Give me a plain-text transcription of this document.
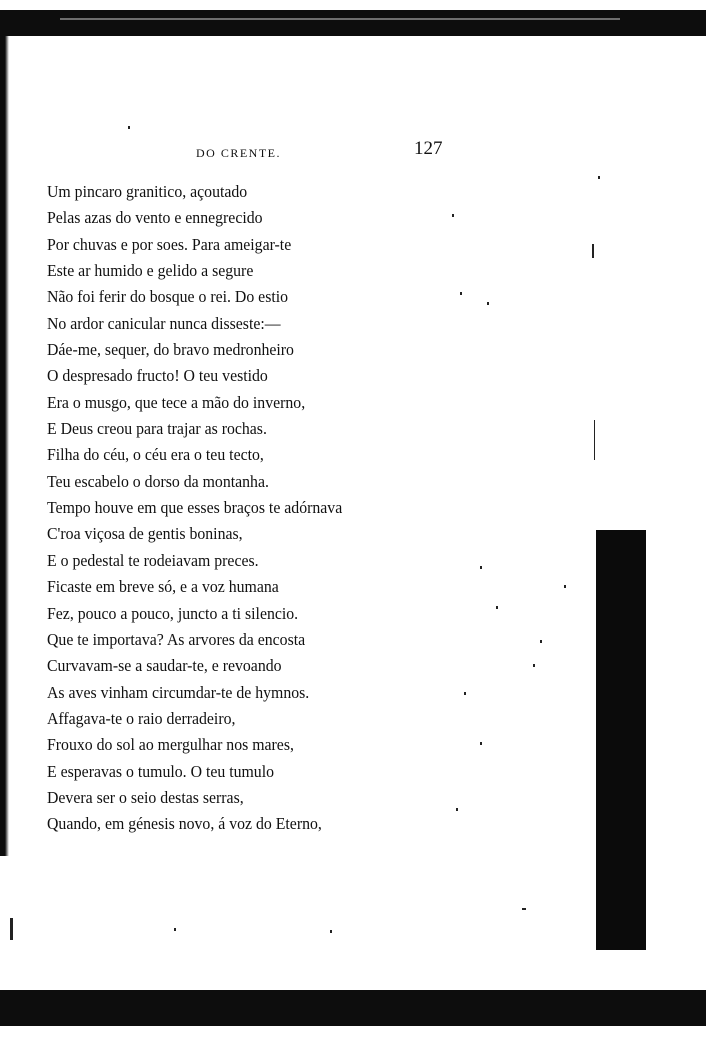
DO CRENTE.	127
Um pincaro granitico, açoutado
Pelas azas do vento e ennegrecido
Por chuvas e por soes. Para ameigar-te
Este ar humido e gelido a segure
Não foi ferir do bosque o rei. Do estio
No ardor canicular nunca disseste:—
Dáe-me, sequer, do bravo medronheiro
O despresado fructo! O teu vestido
Era o musgo, que tece a mão do inverno,
E Deus creou para trajar as rochas.
Filha do céu, o céu era o teu tecto,
Teu escabelo o dorso da montanha.
Tempo houve em que esses braços te adórnava
C'roa viçosa de gentis boninas,
E o pedestal te rodeiavam preces.
Ficaste em breve só, e a voz humana
Fez, pouco a pouco, juncto a ti silencio.
Que te importava? As arvores da encosta
Curvavam-se a saudar-te, e revoando
As aves vinham circumdar-te de hymnos.
Affagava-te o raio derradeiro,
Frouxo do sol ao mergulhar nos mares,
E esperavas o tumulo. O teu tumulo
Devera ser o seio destas serras,
Quando, em génesis novo, á voz do Eterno,
